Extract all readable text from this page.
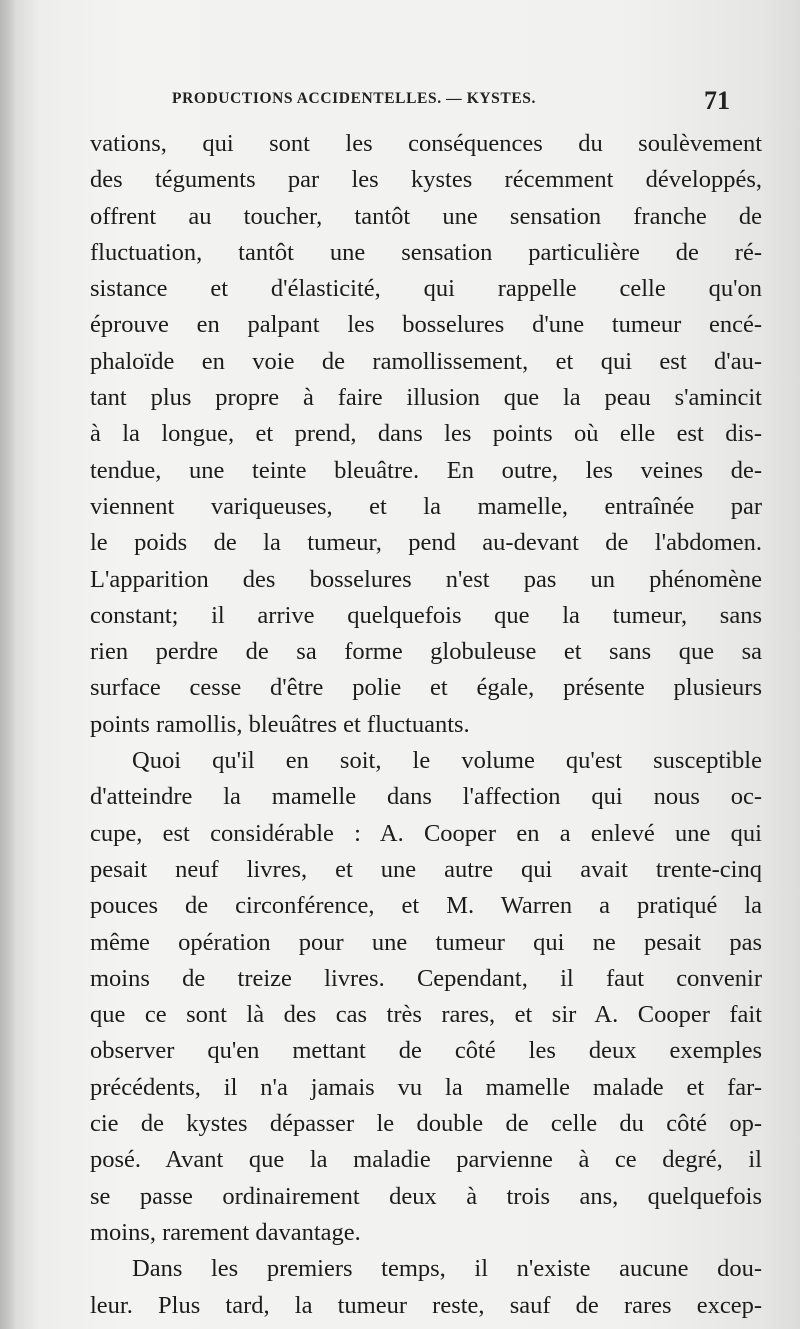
PRODUCTIONS ACCIDENTELLES. — KYSTES.	71
vations, qui sont les conséquences du soulèvement
des téguments par les kystes récemment développés,
offrent au toucher, tantôt une sensation franche de
fluctuation, tantôt une sensation particulière de ré-
sistance et d'élasticité, qui rappelle celle qu'on
éprouve en palpant les bosselures d'une tumeur encé-
phaloïde en voie de ramollissement, et qui est d'au-
tant plus propre à faire illusion que la peau s'amincit
à la longue, et prend, dans les points où elle est dis-
tendue, une teinte bleuâtre. En outre, les veines de-
viennent variqueuses, et la mamelle, entraînée par
le poids de la tumeur, pend au-devant de l'abdomen.
L'apparition des bosselures n'est pas un phénomène
constant; il arrive quelquefois que la tumeur, sans
rien perdre de sa forme globuleuse et sans que sa
surface cesse d'être polie et égale, présente plusieurs
points ramollis, bleuâtres et fluctuants.
Quoi qu'il en soit, le volume qu'est susceptible
d'atteindre la mamelle dans l'affection qui nous oc-
cupe, est considérable : A. Cooper en a enlevé une qui
pesait neuf livres, et une autre qui avait trente-cinq
pouces de circonférence, et M. Warren a pratiqué la
même opération pour une tumeur qui ne pesait pas
moins de treize livres. Cependant, il faut convenir
que ce sont là des cas très rares, et sir A. Cooper fait
observer qu'en mettant de côté les deux exemples
précédents, il n'a jamais vu la mamelle malade et far-
cie de kystes dépasser le double de celle du côté op-
posé. Avant que la maladie parvienne à ce degré, il
se passe ordinairement deux à trois ans, quelquefois
moins, rarement davantage.
Dans les premiers temps, il n'existe aucune dou-
leur. Plus tard, la tumeur reste, sauf de rares excep-
